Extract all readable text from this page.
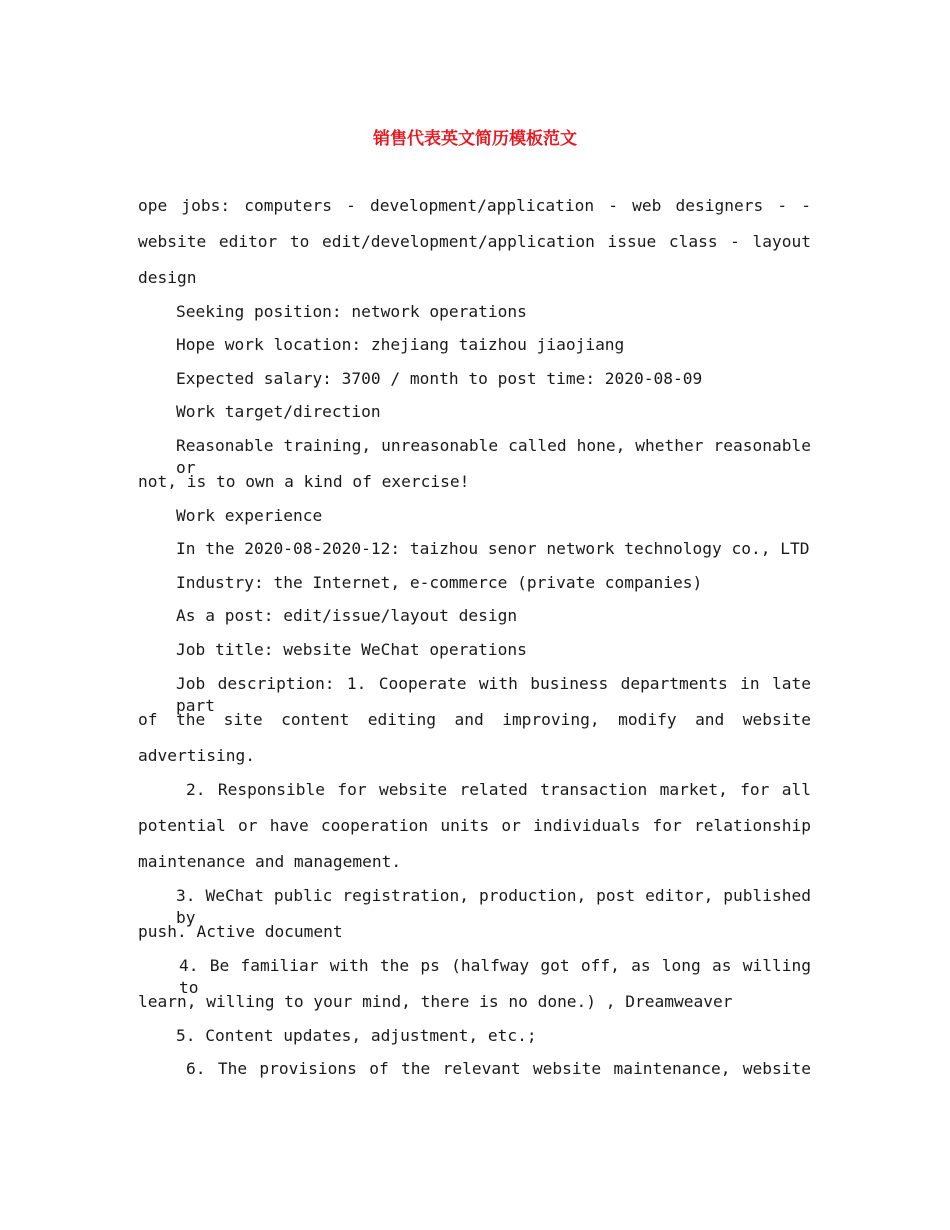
销售代表英文简历模板范文

ope jobs: computers - development/application - web designers - -

website editor to edit/development/application issue class - layout

design

Seeking position: network operations

Hope work location: zhejiang taizhou jiaojiang

Expected salary: 3700 / month to post time: 2020-08-09

Work target/direction

Reasonable training, unreasonable called hone, whether reasonable or

not, is to own a kind of exercise!

Work experience

In the 2020-08-2020-12: taizhou senor network technology co., LTD

Industry: the Internet, e-commerce (private companies)

As a post: edit/issue/layout design

Job title: website WeChat operations

Job description: 1. Cooperate with business departments in late part

of the site content editing and improving, modify and website

advertising.

2. Responsible for website related transaction market, for all

potential or have cooperation units or individuals for relationship

maintenance and management.

3. WeChat public registration, production, post editor, published by

push. Active document

4. Be familiar with the ps (halfway got off, as long as willing to

learn, willing to your mind, there is no done.) , Dreamweaver

5. Content updates, adjustment, etc.;

6. The provisions of the relevant website maintenance, website
